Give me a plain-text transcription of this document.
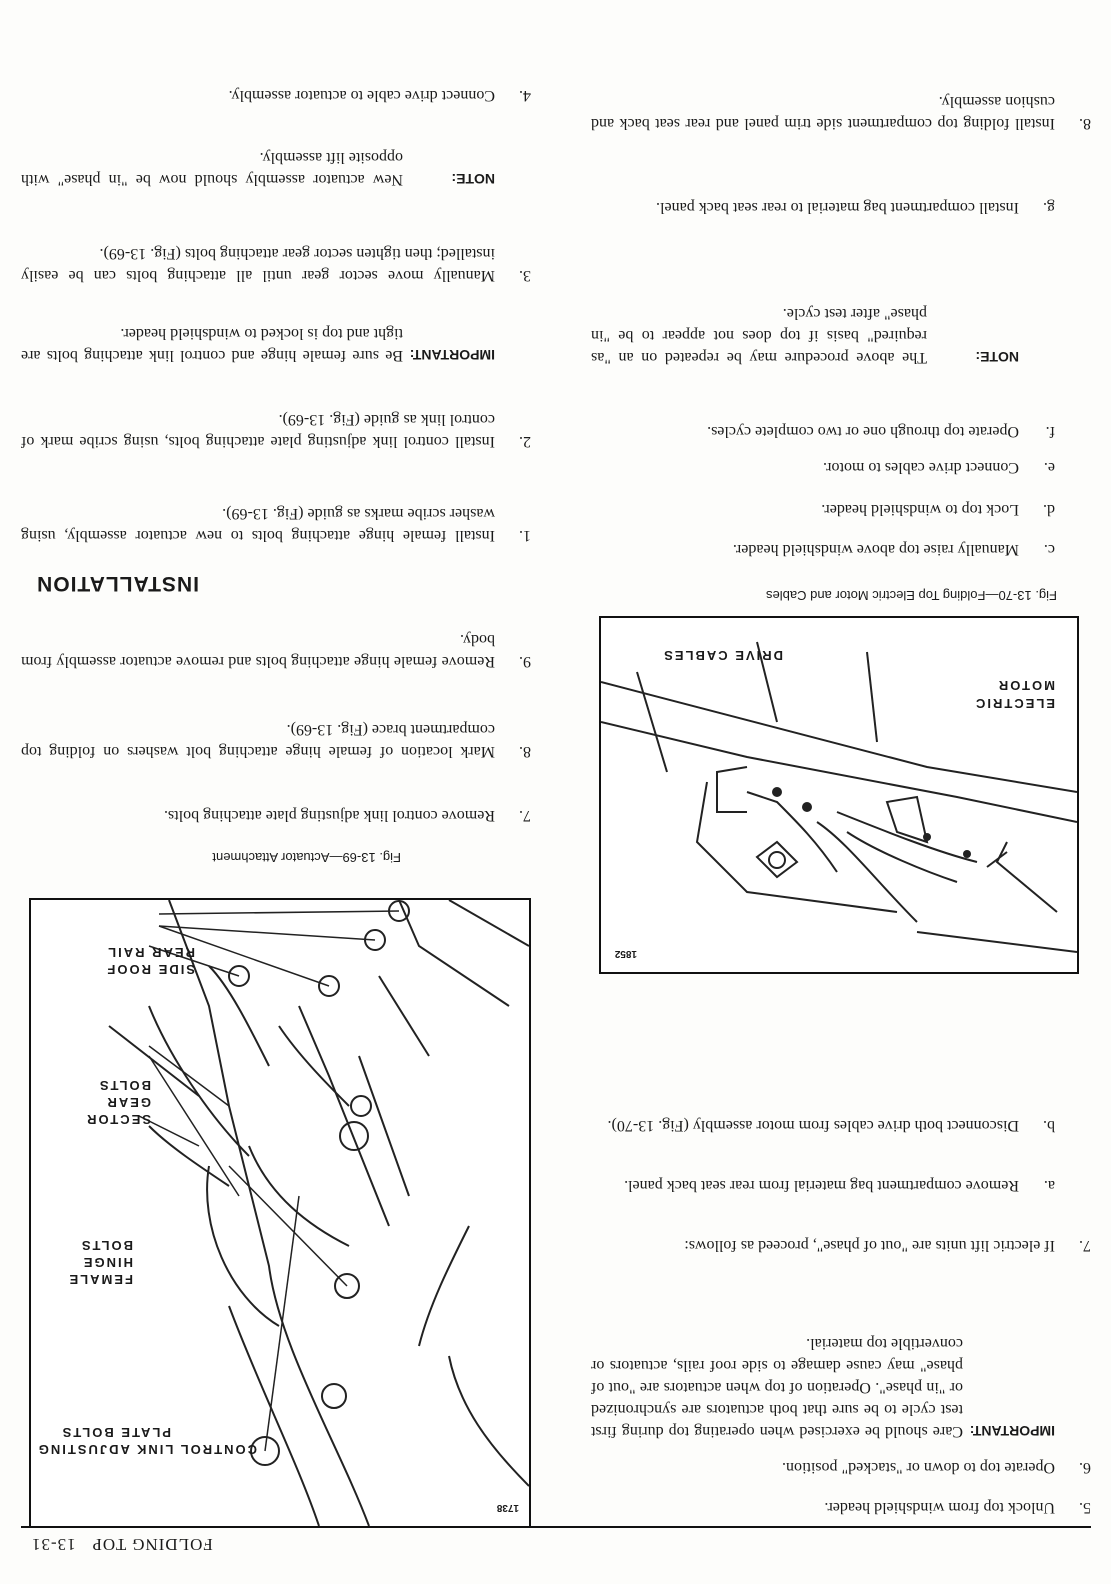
FOLDING TOP   13-31
5.
Unlock top from windshield header.
6.
Operate top to down or "stacked" position.
IMPORTANT:
Care should be exercised when operating top during first test cycle to be sure that both actuators are synchronized or "in phase". Operation of top when actuators are "out of phase" may cause damage to side roof rails, actuators or convertible top material.
7.
If electric lift units are "out of phase", proceed as follows:
a.
Remove compartment bag material from rear seat back panel.
b.
Disconnect both drive cables from motor assembly (Fig. 13-70).
DRIVE CABLES
ELECTRIC
MOTOR
1852
Fig. 13-70—Folding Top Electric Motor and Cables
c.
Manually raise top above windshield header.
d.
Lock top to windshield header.
e.
Connect drive cables to motor.
f.
Operate top through one or two complete cycles.
NOTE:
The above procedure may be repeated on an "as required" basis if top does not appear to be "in phase" after test cycle.
g.
Install compartment bag material to rear seat back panel.
8.
Install folding top compartment side trim panel and rear seat back and cushion assembly.
SIDE ROOF
REAR RAIL
SECTOR
GEAR
BOLTS
FEMALE
HINGE
BOLTS
CONTROL LINK ADJUSTING
PLATE BOLTS
1738
Fig. 13-69—Actuator Attachment
7.
Remove control link adjusting plate attaching bolts.
8.
Mark location of female hinge attaching bolt washers on folding top compartment brace (Fig. 13-69).
9.
Remove female hinge attaching bolts and remove actuator assembly from body.
INSTALLATION
1.
Install female hinge attaching bolts to new actuator assembly, using washer scribe marks as guide (Fig. 13-69).
2.
Install control link adjusting plate attaching bolts, using scribe mark of control link as guide (Fig. 13-69).
IMPORTANT:
Be sure female hinge and control link attaching bolts are tight and top is locked to windshield header.
3.
Manually move sector gear until all attaching bolts can be easily installed; then tighten sector gear attaching bolts (Fig. 13-69).
NOTE:
New actuator assembly should now be "in phase" with opposite lift assembly.
4.
Connect drive cable to actuator assembly.
